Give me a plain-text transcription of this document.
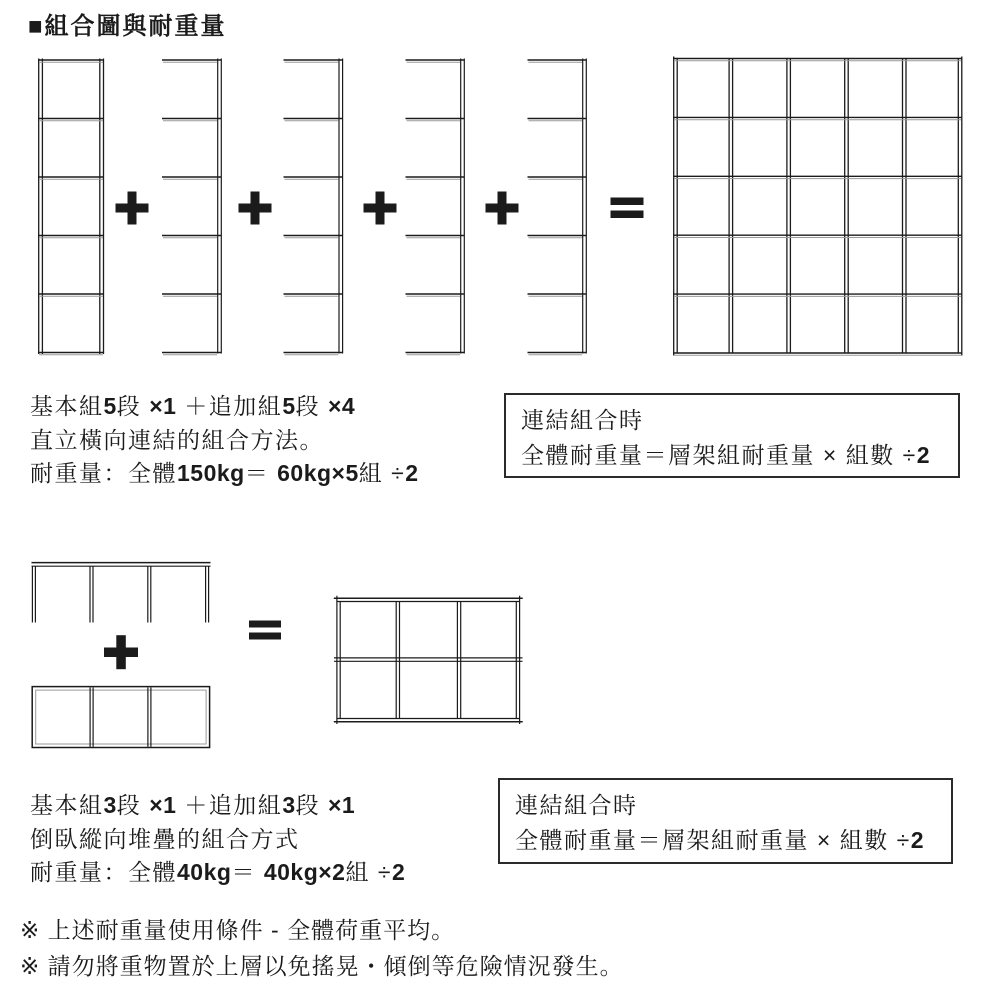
■組合圖與耐重量
基本組5段 ×1 ＋追加組5段 ×4
直立橫向連結的組合方法。
耐重量：全體150kg＝ 60kg×5組 ÷2
連結組合時
全體耐重量＝層架組耐重量 × 組數 ÷2
基本組3段 ×1 ＋追加組3段 ×1
倒臥縱向堆疊的組合方式
耐重量：全體40kg＝ 40kg×2組 ÷2
連結組合時
全體耐重量＝層架組耐重量 × 組數 ÷2
※ 上述耐重量使用條件 - 全體荷重平均。
※ 請勿將重物置於上層以免搖晃・傾倒等危險情況發生。
